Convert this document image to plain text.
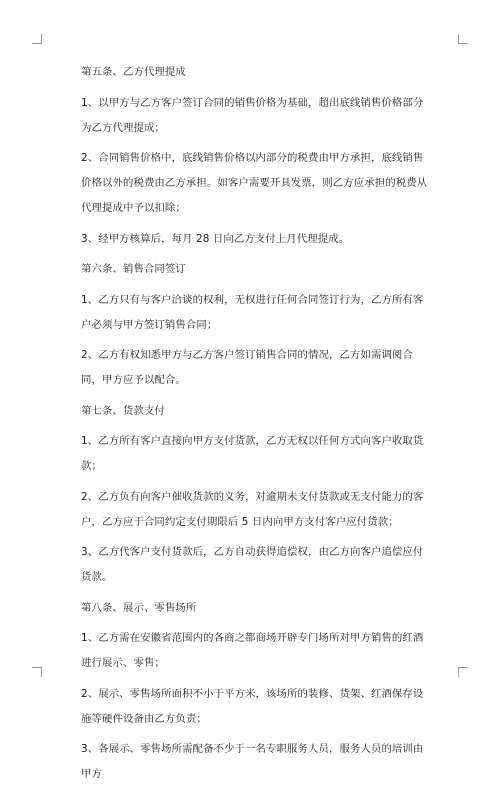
第五条、乙方代理提成

1、以甲方与乙方客户签订合同的销售价格为基础，超出底线销售价格部分为乙方代理提成；

2、合同销售价格中，底线销售价格以内部分的税费由甲方承担，底线销售价格以外的税费由乙方承担。如客户需要开具发票，则乙方应承担的税费从代理提成中予以扣除；

3、经甲方核算后，每月 28 日向乙方支付上月代理提成。

第六条、销售合同签订

1、乙方只有与客户洽谈的权利，无权进行任何合同签订行为，乙方所有客户必须与甲方签订销售合同；

2、乙方有权知悉甲方与乙方客户签订销售合同的情况，乙方如需调阅合同，甲方应予以配合。

第七条、货款支付

1、乙方所有客户直接向甲方支付货款，乙方无权以任何方式向客户收取货款；

2、乙方负有向客户催收货款的义务，对逾期未支付货款或无支付能力的客户，乙方应于合同约定支付期限后 5 日内向甲方支付客户应付货款；

3、乙方代客户支付货款后，乙方自动获得追偿权，由乙方向客户追偿应付货款。

第八条、展示、零售场所

1、乙方需在安徽省范围内的各商之都商场开辟专门场所对甲方销售的红酒进行展示、零售；

2、展示、零售场所面积不小于平方米，该场所的装修、货架、红酒保存设施等硬件设备由乙方负责；

3、各展示、零售场所需配备不少于一名专职服务人员，服务人员的培训由甲方
